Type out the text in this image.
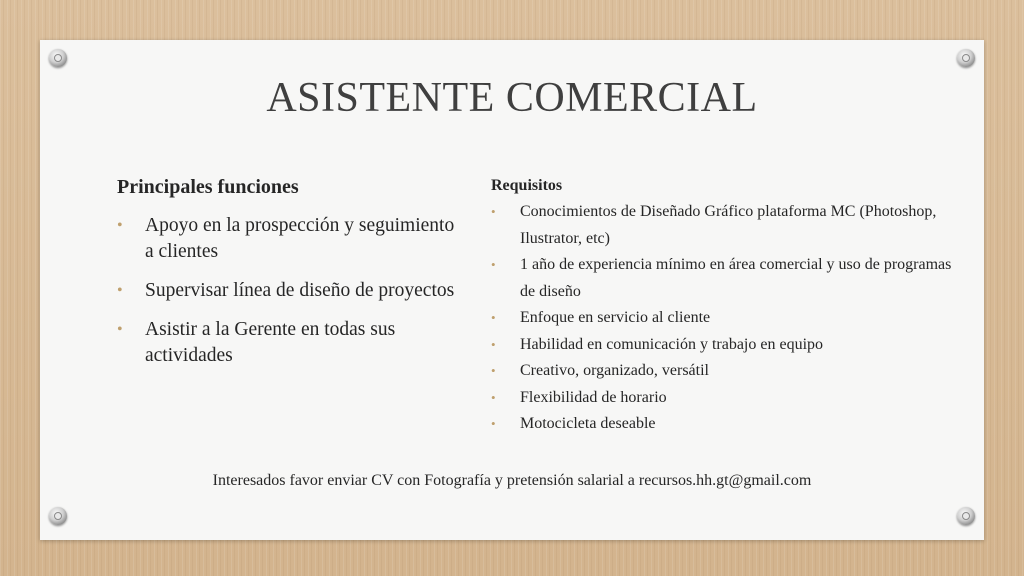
ASISTENTE COMERCIAL
Principales funciones
• Apoyo en la prospección y seguimiento a clientes
• Supervisar línea de diseño de proyectos
• Asistir a la Gerente en todas sus actividades
Requisitos
• Conocimientos de Diseñado Gráfico plataforma MC (Photoshop, Ilustrator, etc)
• 1 año de experiencia mínimo en área comercial y uso de programas de diseño
• Enfoque en servicio al cliente
• Habilidad en comunicación y trabajo en equipo
• Creativo, organizado, versátil
• Flexibilidad de horario
• Motocicleta deseable
Interesados favor enviar CV con Fotografía y pretensión salarial a recursos.hh.gt@gmail.com
